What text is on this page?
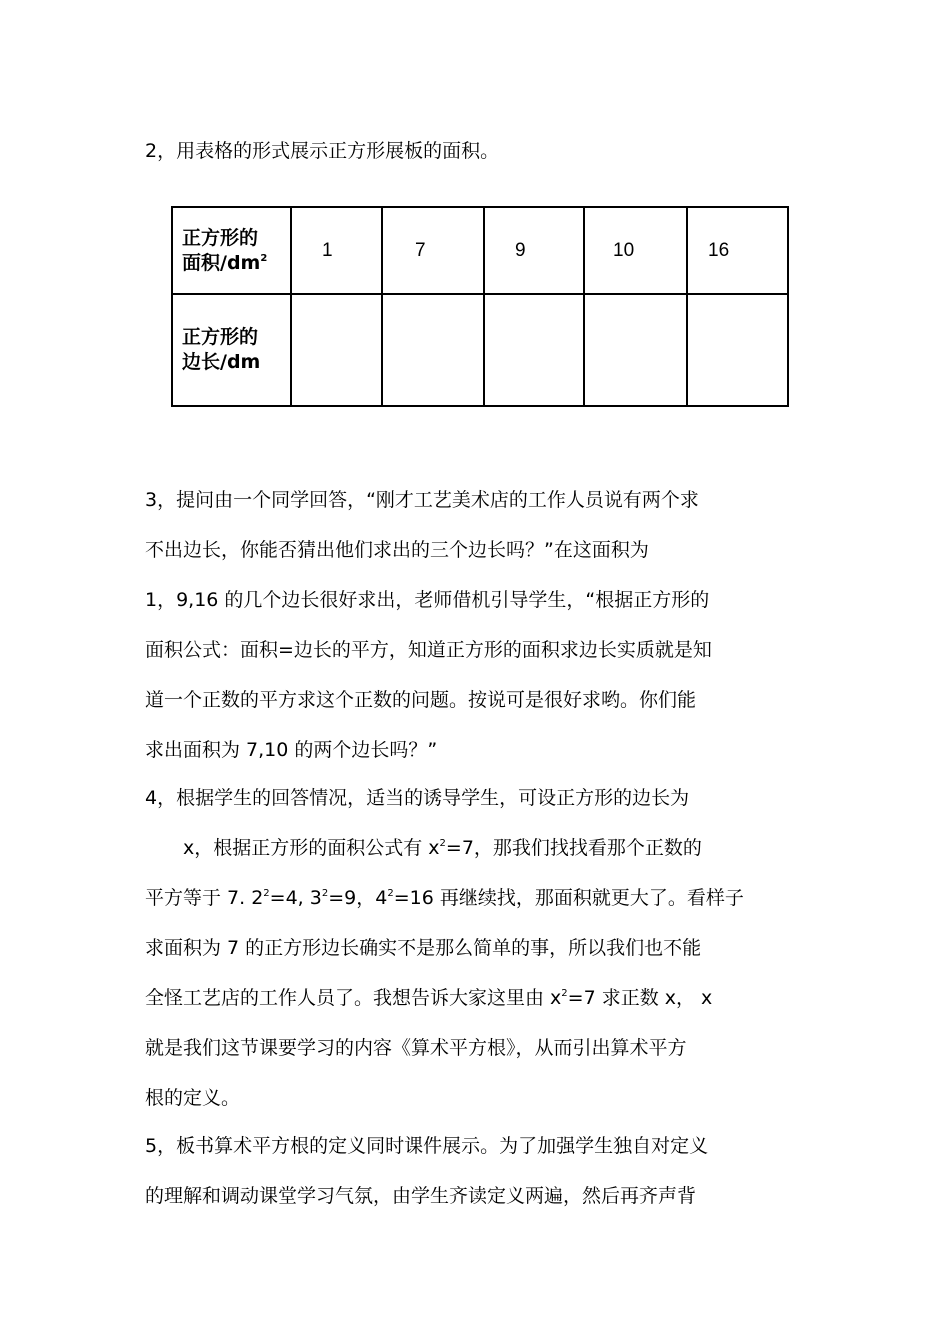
2，用表格的形式展示正方形展板的面积。
正方形的
面积$/dm^2$	1	7	9	10	16

正方形的
边长/dm	

3，提问由一个同学回答，“刚才工艺美术店的工作人员说有两个求
不出边长，你能否猜出他们求出的三个边长吗？”在这面积为
1，9,16 的几个边长很好求出，老师借机引导学生，“根据正方形的
面积公式：面积=边长的平方，知道正方形的面积求边长实质就是知
道一个正数的平方求这个正数的问题。按说可是很好求哟。你们能
求出面积为 7,10 的两个边长吗？”
4，根据学生的回答情况，适当的诱导学生，可设正方形的边长为
x，根据正方形的面积公式有 $x^2=7$，那我们找找看那个正数的
平方等于 7. $2^2=4$, $3^2=9$，$4^2=16$ 再继续找，那面积就更大了。看样子
求面积为 7 的正方形边长确实不是那么简单的事，所以我们也不能
全怪工艺店的工作人员了。我想告诉大家这里由 $x^2=7$ 求正数 x， x
就是我们这节课要学习的内容《算术平方根》，从而引出算术平方
根的定义。
5，板书算术平方根的定义同时课件展示。为了加强学生独自对定义
的理解和调动课堂学习气氛，由学生齐读定义两遍，然后再齐声背
